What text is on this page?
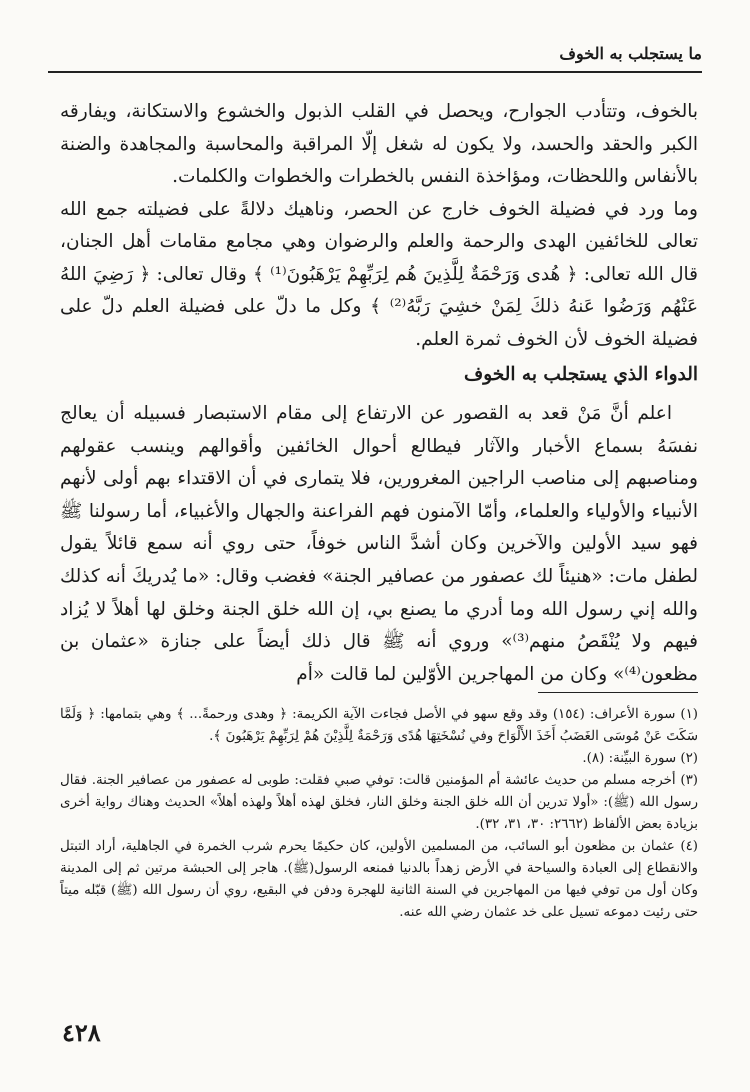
ما يستجلب به الخوف

بالخوف، وتتأدب الجوارح، ويحصل في القلب الذبول والخشوع والاستكانة، ويفارقه الكبر والحقد والحسد، ولا يكون له شغل إلّا المراقبة والمحاسبة والمجاهدة والضنة بالأنفاس واللحظات، ومؤاخذة النفس بالخطرات والخطوات والكلمات.

وما ورد في فضيلة الخوف خارج عن الحصر، وناهيك دلالةً على فضيلته جمع الله تعالى للخائفين الهدى والرحمة والعلم والرضوان وهي مجامع مقامات أهل الجنان، قال الله تعالى: ﴿ هُدى وَرَحْمَةٌ لِلَّذِينَ هُم لِرَبِّهِمْ يَرْهَبُونَ⁽¹⁾ ﴾ وقال تعالى: ﴿ رَضِيَ اللهُ عَنْهُم وَرَضُوا عَنهُ ذلكَ لِمَنْ خشِيَ رَبَّهُ⁽²⁾ ﴾ وكل ما دلّ على فضيلة العلم دلّ على فضيلة الخوف لأن الخوف ثمرة العلم.

الدواء الذي يستجلب به الخوف

اعلم أنَّ مَنْ قعد به القصور عن الارتفاع إلى مقام الاستبصار فسبيله أن يعالج نفسَهُ بسماع الأخبار والآثار فيطالع أحوال الخائفين وأقوالهم وينسب عقولهم ومناصبهم إلى مناصب الراجين المغرورين، فلا يتمارى في أن الاقتداء بهم أولى لأنهم الأنبياء والأولياء والعلماء، وأمّا الآمنون فهم الفراعنة والجهال والأغبياء، أما رسولنا ﷺ فهو سيد الأولين والآخرين وكان أشدَّ الناس خوفاً، حتى روي أنه سمع قائلاً يقول لطفل مات: «هنيئاً لك عصفور من عصافير الجنة» فغضب وقال: «ما يُدريكَ أنه كذلك والله إني رسول الله وما أدري ما يصنع بي، إن الله خلق الجنة وخلق لها أهلاً لا يُزاد فيهم ولا يُنْقَصُ منهم⁽³⁾» وروي أنه ﷺ قال ذلك أيضاً على جنازة «عثمان بن مظعون⁽⁴⁾» وكان من المهاجرين الأوّلين لما قالت «أم

(١) سورة الأعراف: (١٥٤) وقد وقع سهو في الأصل فجاءت الآية الكريمة: ﴿ وهدى ورحمةً... ﴾ وهي بتمامها: ﴿ وَلَمَّا سَكَتَ عَنْ مُوسَى الغَضَبُ أَخَذَ الأَلْوَاحَ وفي نُسْخَتِهَا هُدًى وَرَحْمَةٌ لِلَّذِيْنَ هُمْ لِرَبِّهِمْ يَرْهَبُونَ ﴾.

(٢) سورة البيِّنة: (٨).

(٣) أخرجه مسلم من حديث عائشة أم المؤمنين قالت: توفي صبي فقلت: طوبى له عصفور من عصافير الجنة. فقال رسول الله (ﷺ): «أولا تدرين أن الله خلق الجنة وخلق النار، فخلق لهذه أهلاً ولهذه أهلاً» الحديث وهناك رواية أخرى بزيادة بعض الألفاظ (٢٦٦٢: ٣٠، ٣١، ٣٢).

(٤) عثمان بن مظعون أبو السائب، من المسلمين الأولين، كان حكيمًا يحرم شرب الخمرة في الجاهلية، أراد التبتل والانقطاع إلى العبادة والسياحة في الأرض زهداً بالدنيا فمنعه الرسول(ﷺ). هاجر إلى الحبشة مرتين ثم إلى المدينة وكان أول من توفي فيها من المهاجرين في السنة الثانية للهجرة ودفن في البقيع، روي أن رسول الله (ﷺ) قبّله ميتاً حتى رئيت دموعه تسيل على خد عثمان رضي الله عنه.

٤٢٨
